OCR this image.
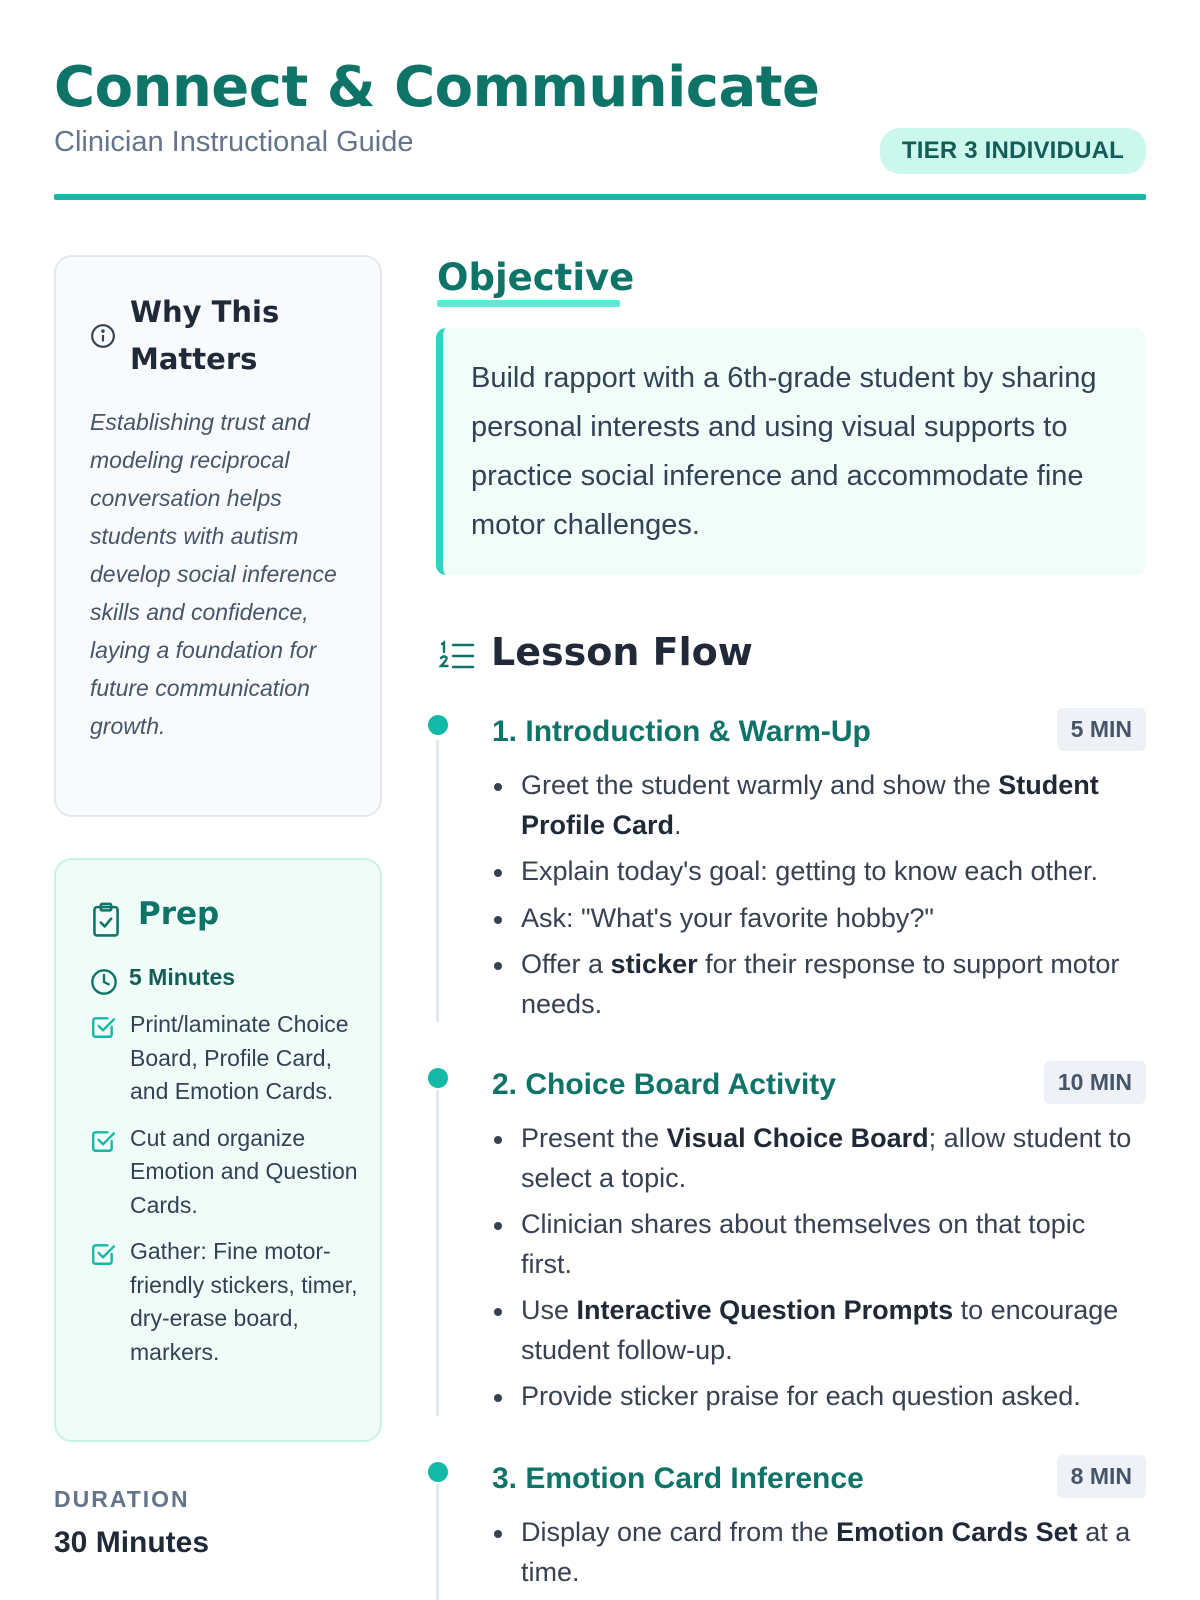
Connect & Communicate
Clinician Instructional Guide	TIER 3 INDIVIDUAL
Why This Matters
Establishing trust and modeling reciprocal conversation helps students with autism develop social inference skills and confidence, laying a foundation for future communication growth.
Prep
5 Minutes
Print/laminate Choice Board, Profile Card, and Emotion Cards.
Cut and organize Emotion and Question Cards.
Gather: Fine motor-friendly stickers, timer, dry-erase board, markers.
DURATION
30 Minutes
Objective

Build rapport with a 6th-grade student by sharing personal interests and using visual supports to practice social inference and accommodate fine motor challenges.

Lesson Flow
1. Introduction & Warm-Up	5 MIN
Greet the student warmly and show the Student Profile Card.
Explain today's goal: getting to know each other.
Ask: "What's your favorite hobby?"
Offer a sticker for their response to support motor needs.
2. Choice Board Activity	10 MIN
Present the Visual Choice Board; allow student to select a topic.
Clinician shares about themselves on that topic first.
Use Interactive Question Prompts to encourage student follow-up.
Provide sticker praise for each question asked.
3. Emotion Card Inference	8 MIN
Display one card from the Emotion Cards Set at a time.
